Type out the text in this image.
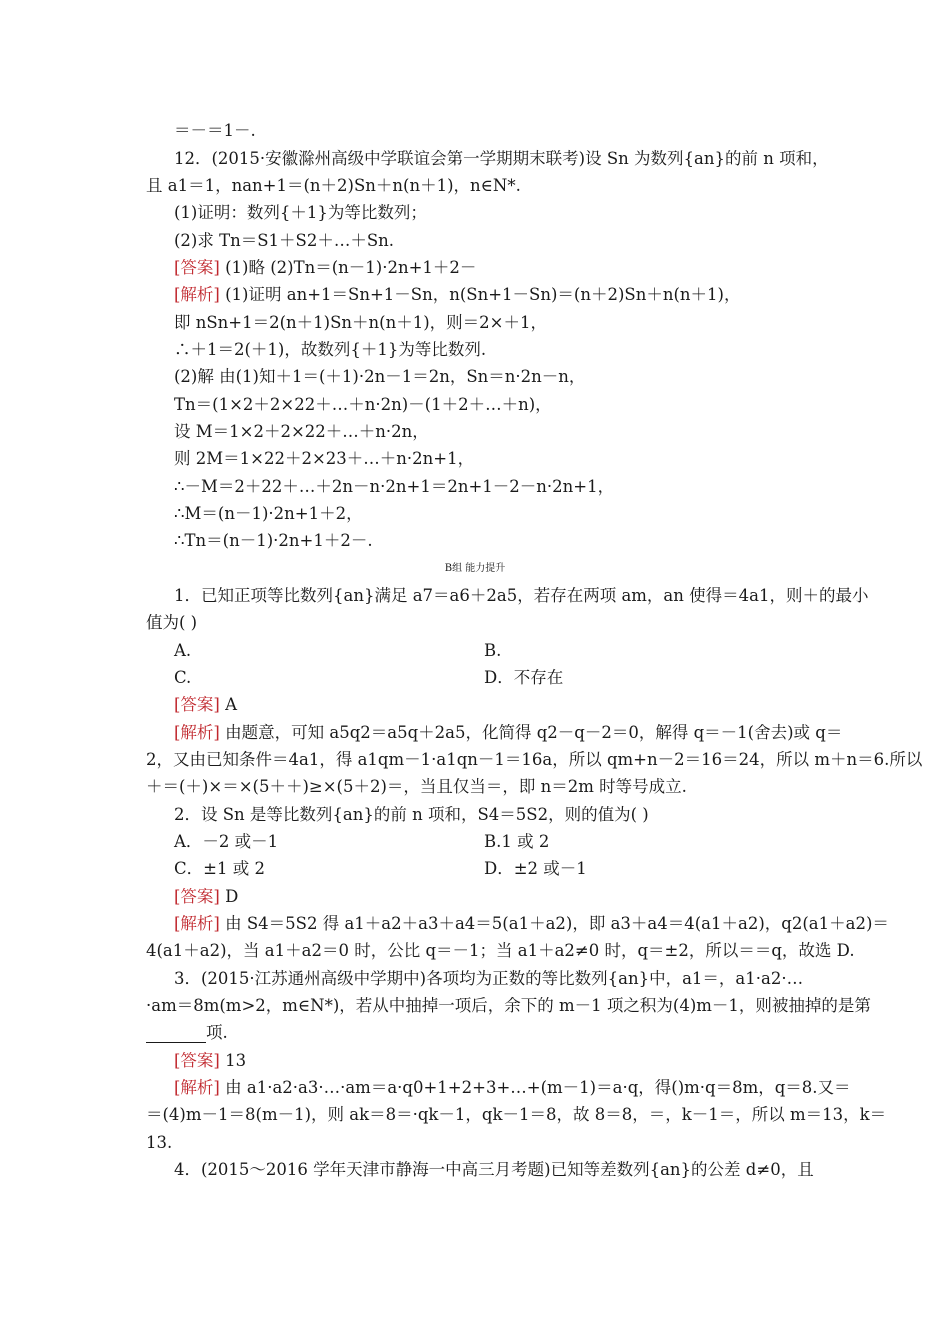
＝－＝1－.
12．(2015·安徽滁州高级中学联谊会第一学期期末联考)设 Sn 为数列{an}的前 n 项和，
且 a1＝1，nan+1＝(n＋2)Sn＋n(n＋1)，n∈N*.
(1)证明：数列{＋1}为等比数列；
(2)求 Tn＝S1＋S2＋…＋Sn.
[答案] (1)略 (2)Tn＝(n－1)·2n+1＋2－
[解析] (1)证明 an+1＝Sn+1－Sn，n(Sn+1－Sn)＝(n＋2)Sn＋n(n＋1)，
即 nSn+1＝2(n＋1)Sn＋n(n＋1)，则＝2×＋1，
∴＋1＝2(＋1)，故数列{＋1}为等比数列.
(2)解 由(1)知＋1＝(＋1)·2n－1＝2n，Sn＝n·2n－n，
Tn＝(1×2＋2×22＋…＋n·2n)－(1＋2＋…＋n)，
设 M＝1×2＋2×22＋…＋n·2n，
则 2M＝1×22＋2×23＋…＋n·2n+1，
∴－M＝2＋22＋…＋2n－n·2n+1＝2n+1－2－n·2n+1，
∴M＝(n－1)·2n+1＋2，
∴Tn＝(n－1)·2n+1＋2－.
B组 能力提升
1．已知正项等比数列{an}满足 a7＝a6＋2a5，若存在两项 am，an 使得＝4a1，则＋的最小
值为( )
A.	B.
C.	D．不存在
[答案] A
[解析] 由题意，可知 a5q2＝a5q＋2a5，化简得 q2－q－2＝0，解得 q＝－1(舍去)或 q＝
2，又由已知条件＝4a1，得 a1qm－1·a1qn－1＝16a，所以 qm+n－2＝16＝24，所以 m＋n＝6.所以
＋＝(＋)×＝×(5＋＋)≥×(5＋2)＝，当且仅当＝，即 n＝2m 时等号成立.
2．设 Sn 是等比数列{an}的前 n 项和，S4＝5S2，则的值为( )
A．－2 或－1	B.1 或 2
C．±1 或 2	D．±2 或－1
[答案] D
[解析] 由 S4＝5S2 得 a1＋a2＋a3＋a4＝5(a1＋a2)，即 a3＋a4＝4(a1＋a2)，q2(a1＋a2)＝
4(a1＋a2)，当 a1＋a2＝0 时，公比 q＝－1；当 a1＋a2≠0 时，q＝±2，所以＝＝q，故选 D.
3．(2015·江苏通州高级中学期中)各项均为正数的等比数列{an}中，a1＝，a1·a2·…
·am＝8m(m>2，m∈N*)，若从中抽掉一项后，余下的 m－1 项之积为(4)m－1，则被抽掉的是第
项.
[答案] 13
[解析] 由 a1·a2·a3·…·am＝a·q0+1+2+3+…+(m－1)＝a·q，得()m·q＝8m，q＝8.又＝
＝(4)m－1＝8(m－1)，则 ak＝8＝·qk－1，qk－1＝8，故 8＝8，＝，k－1＝，所以 m＝13，k＝
13.
4．(2015～2016 学年天津市静海一中高三月考题)已知等差数列{an}的公差 d≠0，且
